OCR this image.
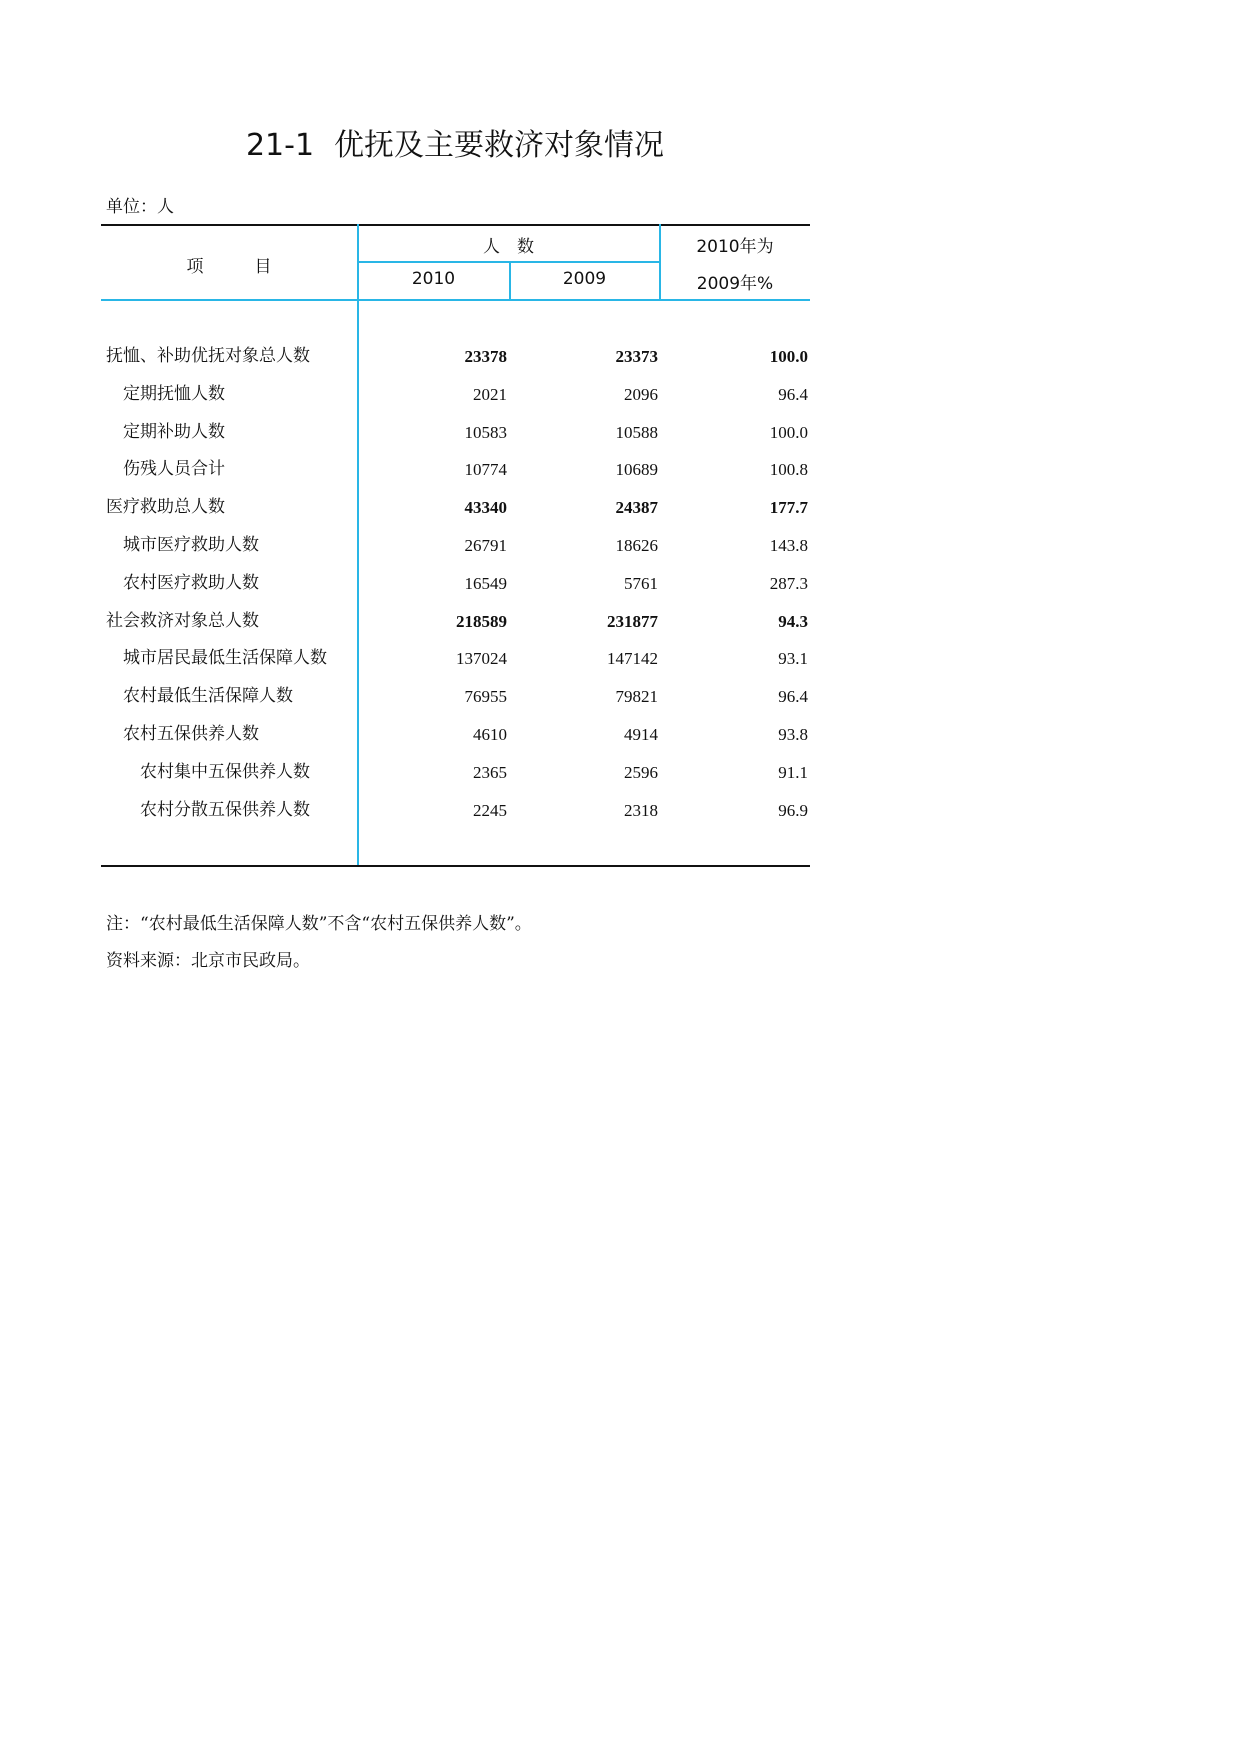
21-1 优抚及主要救济对象情况
单位：人
项　　　目
人　数
2010	2009
2010年为
2009年%
抚恤、补助优抚对象总人数	23378	23373	100.0
定期抚恤人数	2021	2096	96.4
定期补助人数	10583	10588	100.0
伤残人员合计	10774	10689	100.8
医疗救助总人数	43340	24387	177.7
城市医疗救助人数	26791	18626	143.8
农村医疗救助人数	16549	5761	287.3
社会救济对象总人数	218589	231877	94.3
城市居民最低生活保障人数	137024	147142	93.1
农村最低生活保障人数	76955	79821	96.4
农村五保供养人数	4610	4914	93.8
农村集中五保供养人数	2365	2596	91.1
农村分散五保供养人数	2245	2318	96.9
注：“农村最低生活保障人数”不含“农村五保供养人数”。
资料来源：北京市民政局。
